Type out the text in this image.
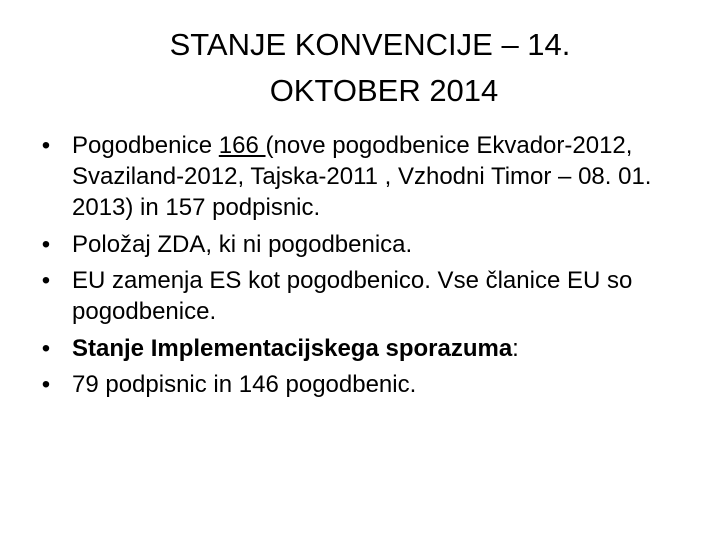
STANJE KONVENCIJE – 14.
OKTOBER 2014
• Pogodbenice 166 (nove pogodbenice Ekvador-2012, Svaziland-2012, Tajska-2011 , Vzhodni Timor – 08. 01. 2013) in 157 podpisnic.
• Položaj ZDA, ki ni pogodbenica.
• EU zamenja ES kot pogodbenico. Vse članice EU so pogodbenice.
• Stanje Implementacijskega sporazuma:
• 79 podpisnic in 146 pogodbenic.
